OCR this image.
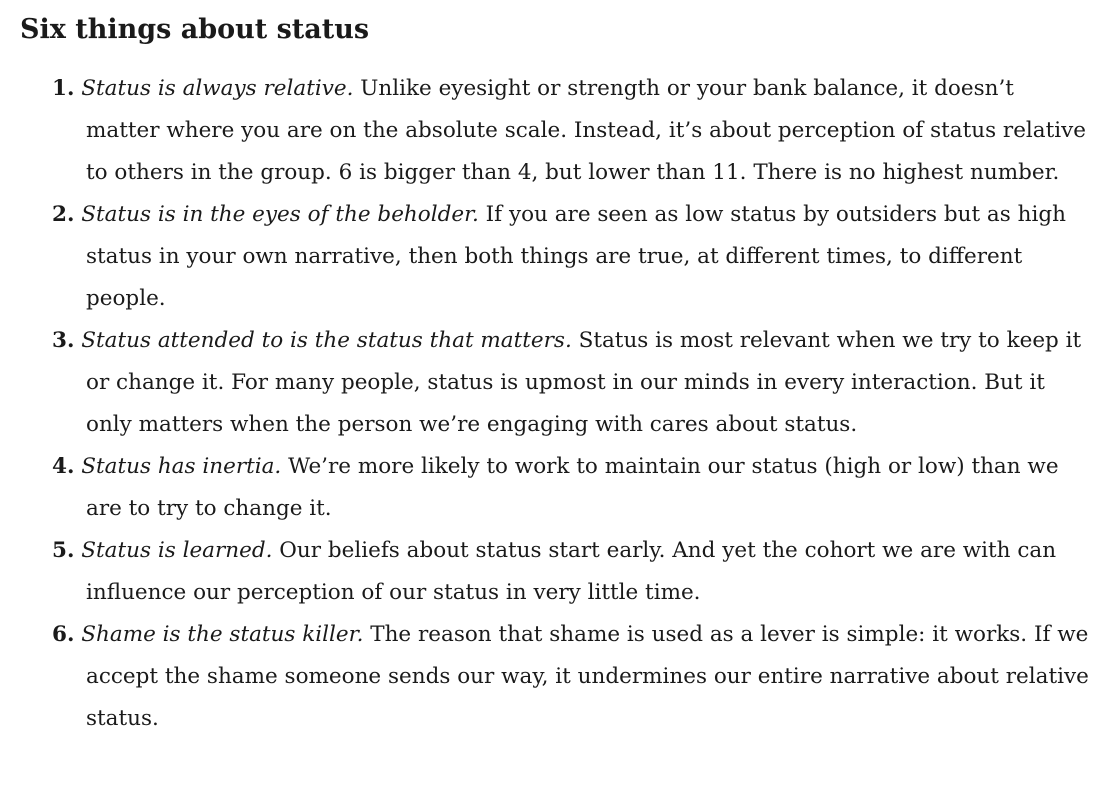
Six things about status
1. Status is always relative. Unlike eyesight or strength or your bank balance, it doesn’t matter where you are on the absolute scale. Instead, it’s about perception of status relative to others in the group. 6 is bigger than 4, but lower than 11. There is no highest number.
2. Status is in the eyes of the beholder. If you are seen as low status by outsiders but as high status in your own narrative, then both things are true, at different times, to different people.
3. Status attended to is the status that matters. Status is most relevant when we try to keep it or change it. For many people, status is upmost in our minds in every interaction. But it only matters when the person we’re engaging with cares about status.
4. Status has inertia. We’re more likely to work to maintain our status (high or low) than we are to try to change it.
5. Status is learned. Our beliefs about status start early. And yet the cohort we are with can influence our perception of our status in very little time.
6. Shame is the status killer. The reason that shame is used as a lever is simple: it works. If we accept the shame someone sends our way, it undermines our entire narrative about relative status.
